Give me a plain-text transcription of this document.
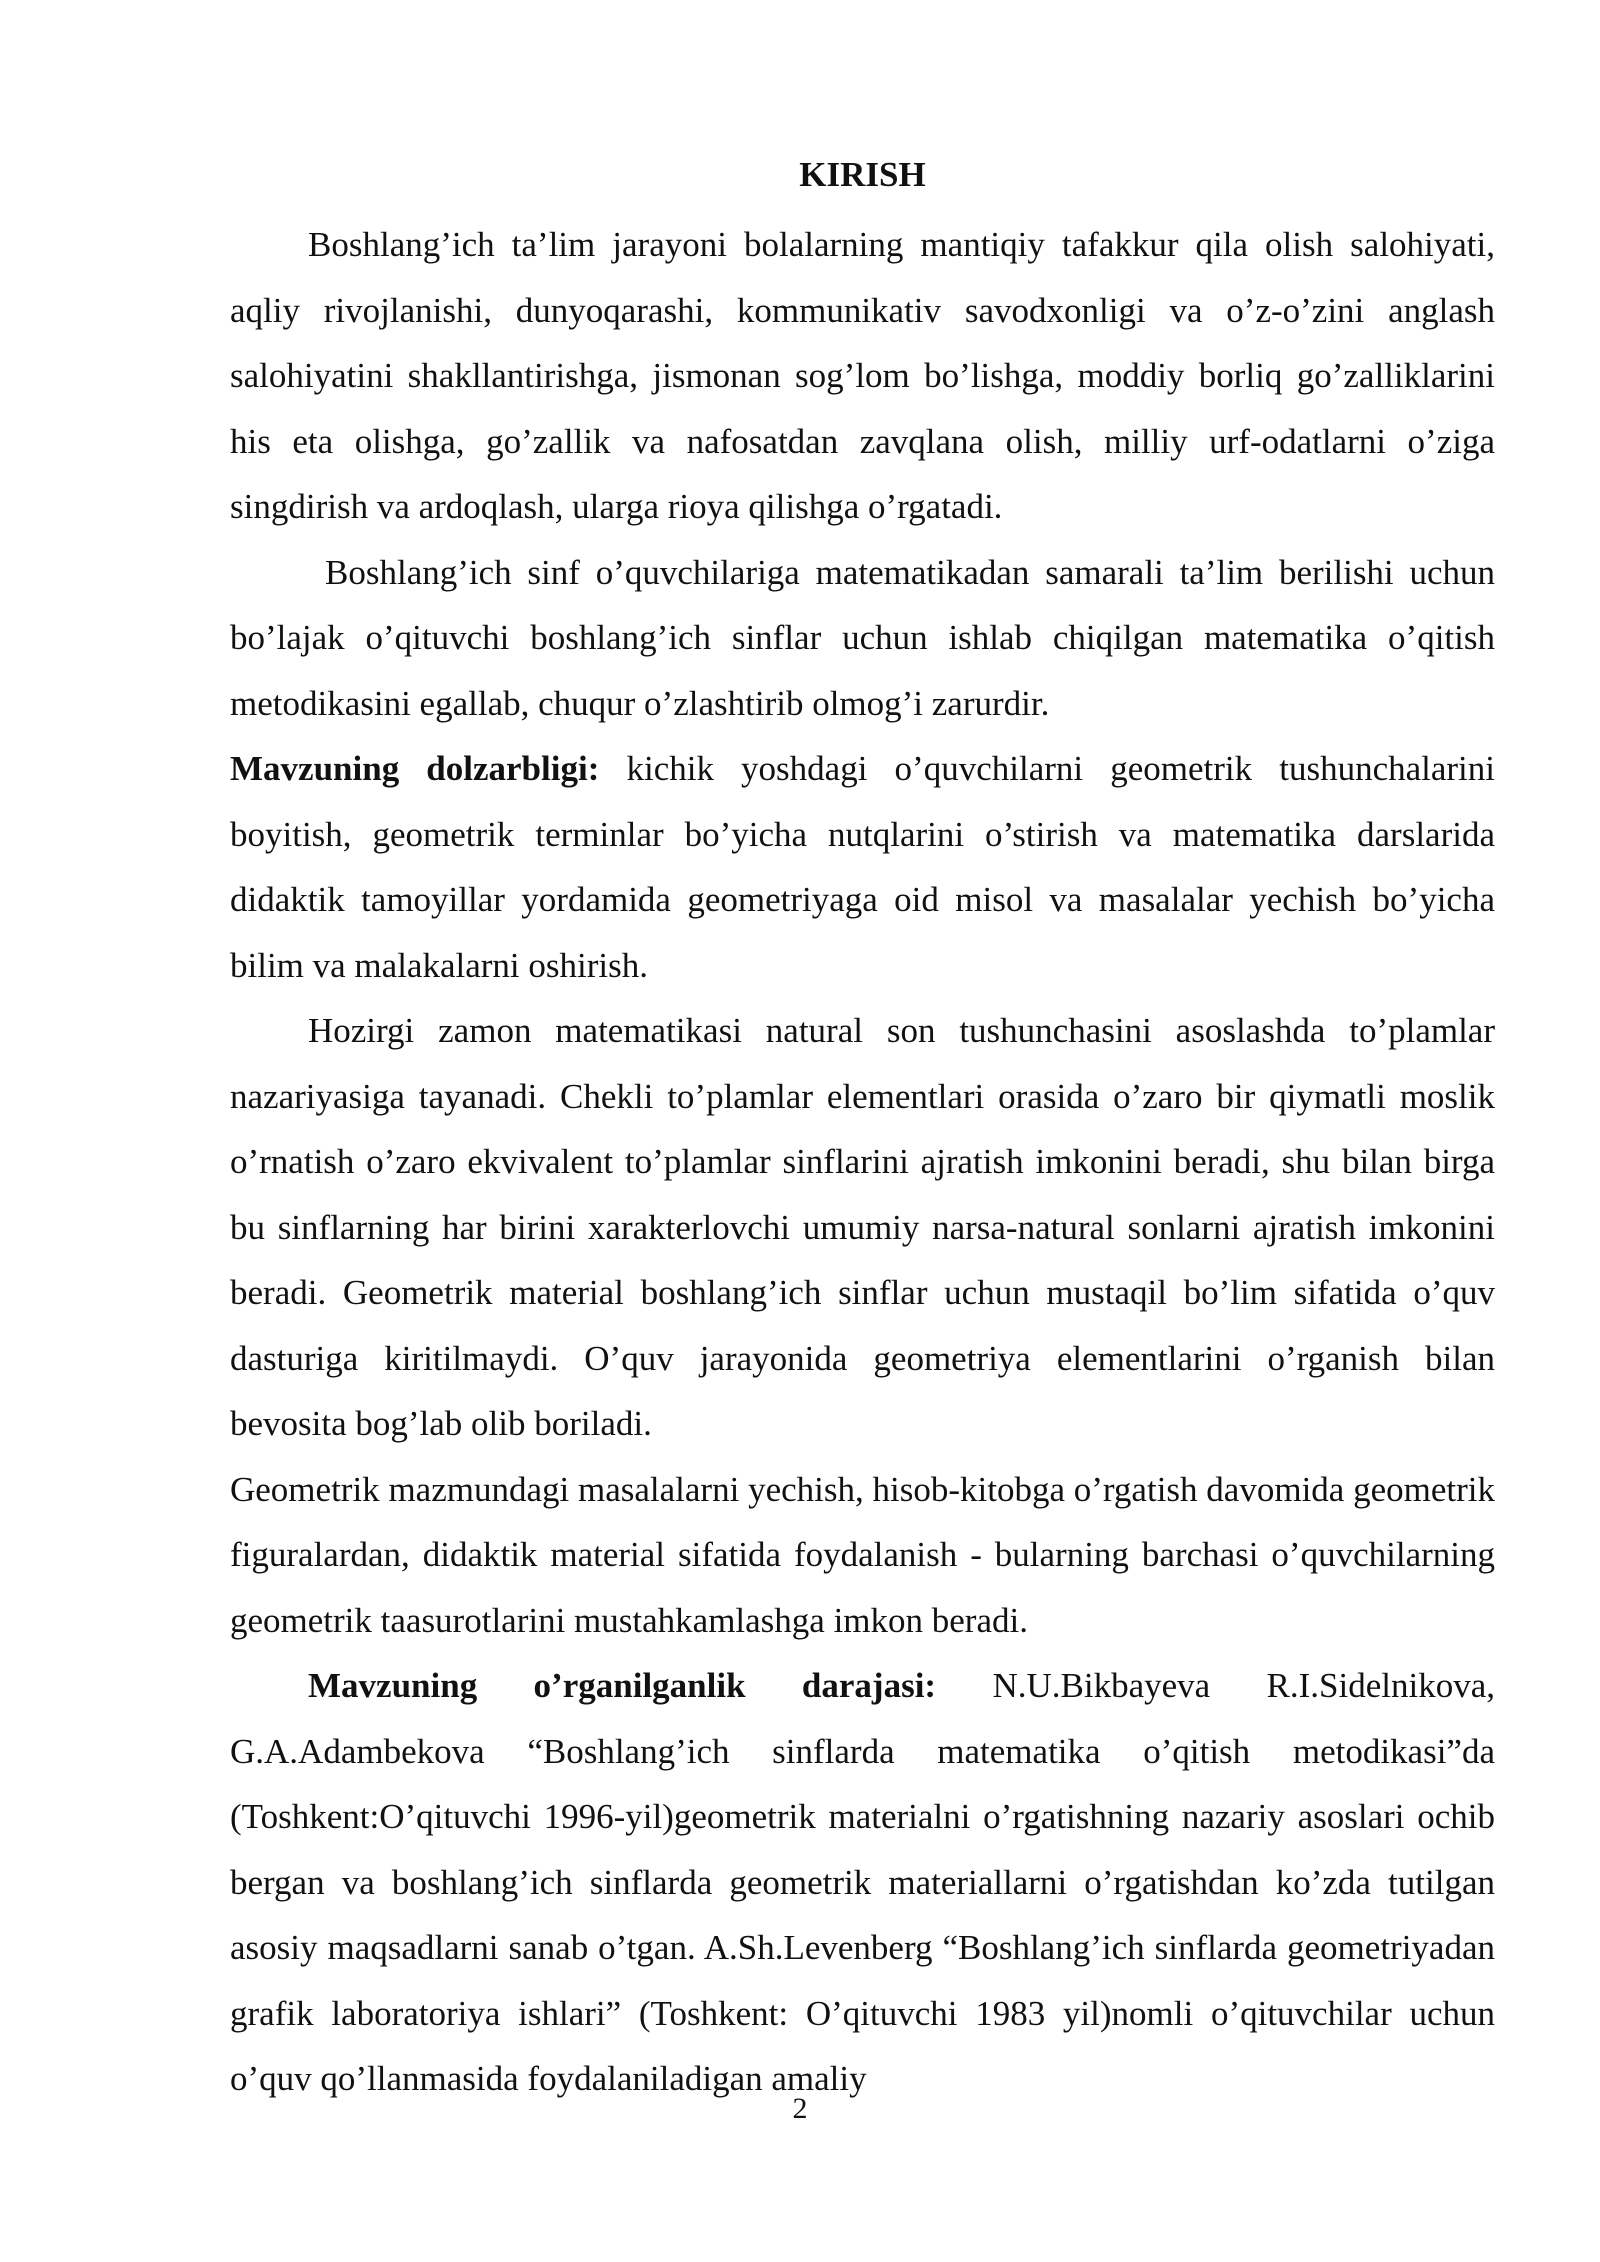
KIRISH

Boshlang’ich ta’lim jarayoni bolalarning mantiqiy tafakkur qila olish salohiyati, aqliy rivojlanishi, dunyoqarashi, kommunikativ savodxonligi va o’z-o’zini anglash salohiyatini shakllantirishga, jismonan sog’lom bo’lishga, moddiy borliq go’zalliklarini his eta olishga, go’zallik va nafosatdan zavqlana olish, milliy urf-odatlarni o’ziga singdirish va ardoqlash, ularga rioya qilishga o’rgatadi.

Boshlang’ich sinf o’quvchilariga matematikadan samarali ta’lim berilishi uchun bo’lajak o’qituvchi boshlang’ich sinflar uchun ishlab chiqilgan matematika o’qitish metodikasini egallab, chuqur o’zlashtirib olmog’i zarurdir.

Mavzuning dolzarbligi: kichik yoshdagi o’quvchilarni geometrik tushunchalarini boyitish, geometrik terminlar bo’yicha nutqlarini o’stirish va matematika darslarida didaktik tamoyillar yordamida geometriyaga oid misol va masalalar yechish bo’yicha bilim va malakalarni oshirish.

Hozirgi zamon matematikasi natural son tushunchasini asoslashda to’plamlar nazariyasiga tayanadi. Chekli to’plamlar elementlari orasida o’zaro bir qiymatli moslik o’rnatish o’zaro ekvivalent to’plamlar sinflarini ajratish imkonini beradi, shu bilan birga bu sinflarning har birini xarakterlovchi umumiy narsa-natural sonlarni ajratish imkonini beradi. Geometrik material boshlang’ich sinflar uchun mustaqil bo’lim sifatida o’quv dasturiga kiritilmaydi. O’quv jarayonida geometriya elementlarini o’rganish bilan bevosita bog’lab olib boriladi.

Geometrik mazmundagi masalalarni yechish, hisob-kitobga o’rgatish davomida geometrik figuralardan, didaktik material sifatida foydalanish - bularning barchasi o’quvchilarning geometrik taasurotlarini mustahkamlashga imkon beradi.

Mavzuning o’rganilganlik darajasi: N.U.Bikbayeva R.I.Sidelnikova, G.A.Adambekova “Boshlang’ich sinflarda matematika o’qitish metodikasi”da (Toshkent:O’qituvchi 1996-yil)geometrik materialni o’rgatishning nazariy asoslari ochib bergan va boshlang’ich sinflarda geometrik materiallarni o’rgatishdan ko’zda tutilgan asosiy maqsadlarni sanab o’tgan. A.Sh.Levenberg “Boshlang’ich sinflarda geometriyadan grafik laboratoriya ishlari” (Toshkent: O’qituvchi 1983 yil)nomli o’qituvchilar uchun o’quv qo’llanmasida foydalaniladigan amaliy

2
